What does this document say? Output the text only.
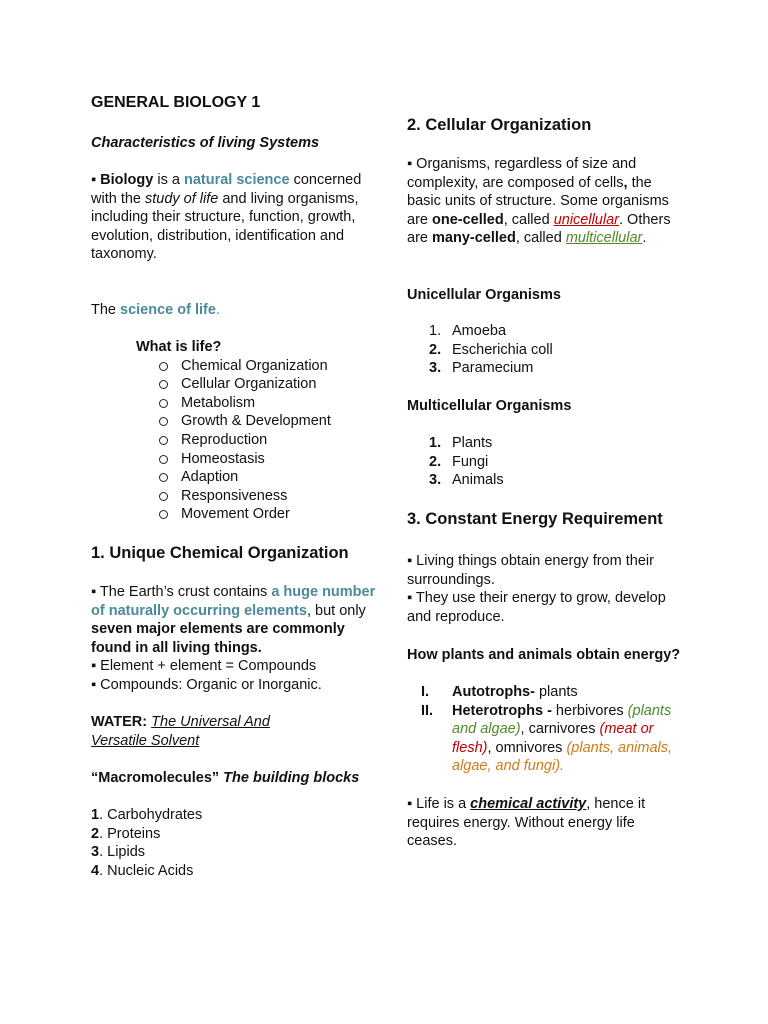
GENERAL BIOLOGY 1

Characteristics of living Systems

▪ Biology is a natural science concerned with the study of life and living organisms, including their structure, function, growth,
evolution, distribution, identification and taxonomy.

The science of life.

What is life?

Chemical Organization
Cellular Organization
Metabolism
Growth & Development
Reproduction
Homeostasis
Adaption
Responsiveness
Movement Order

1. Unique Chemical Organization

▪ The Earth’s crust contains a huge number of naturally occurring elements, but only seven major elements are commonly found in all living things.

▪ Element + element = Compounds

▪ Compounds: Organic or Inorganic.

WATER: The Universal And Versatile Solvent

“Macromolecules” The building blocks

1. Carbohydrates

2. Proteins

3. Lipids

4. Nucleic Acids

2. Cellular Organization

▪ Organisms, regardless of size and complexity, are composed of cells, the basic units of structure. Some organisms are one-celled, called unicellular. Others are many-celled, called multicellular.

Unicellular Organisms

1. Amoeba
2. Escherichia coll
3. Paramecium

Multicellular Organisms

1. Plants
2. Fungi
3. Animals

3. Constant Energy Requirement

▪ Living things obtain energy from their surroundings.

▪ They use their energy to grow, develop and reproduce.

How plants and animals obtain energy?

I. Autotrophs- plants
II. Heterotrophs - herbivores (plants and algae), carnivores (meat or flesh), omnivores (plants, animals, algae, and fungi).

▪ Life is a chemical activity, hence it requires energy. Without energy life ceases.
